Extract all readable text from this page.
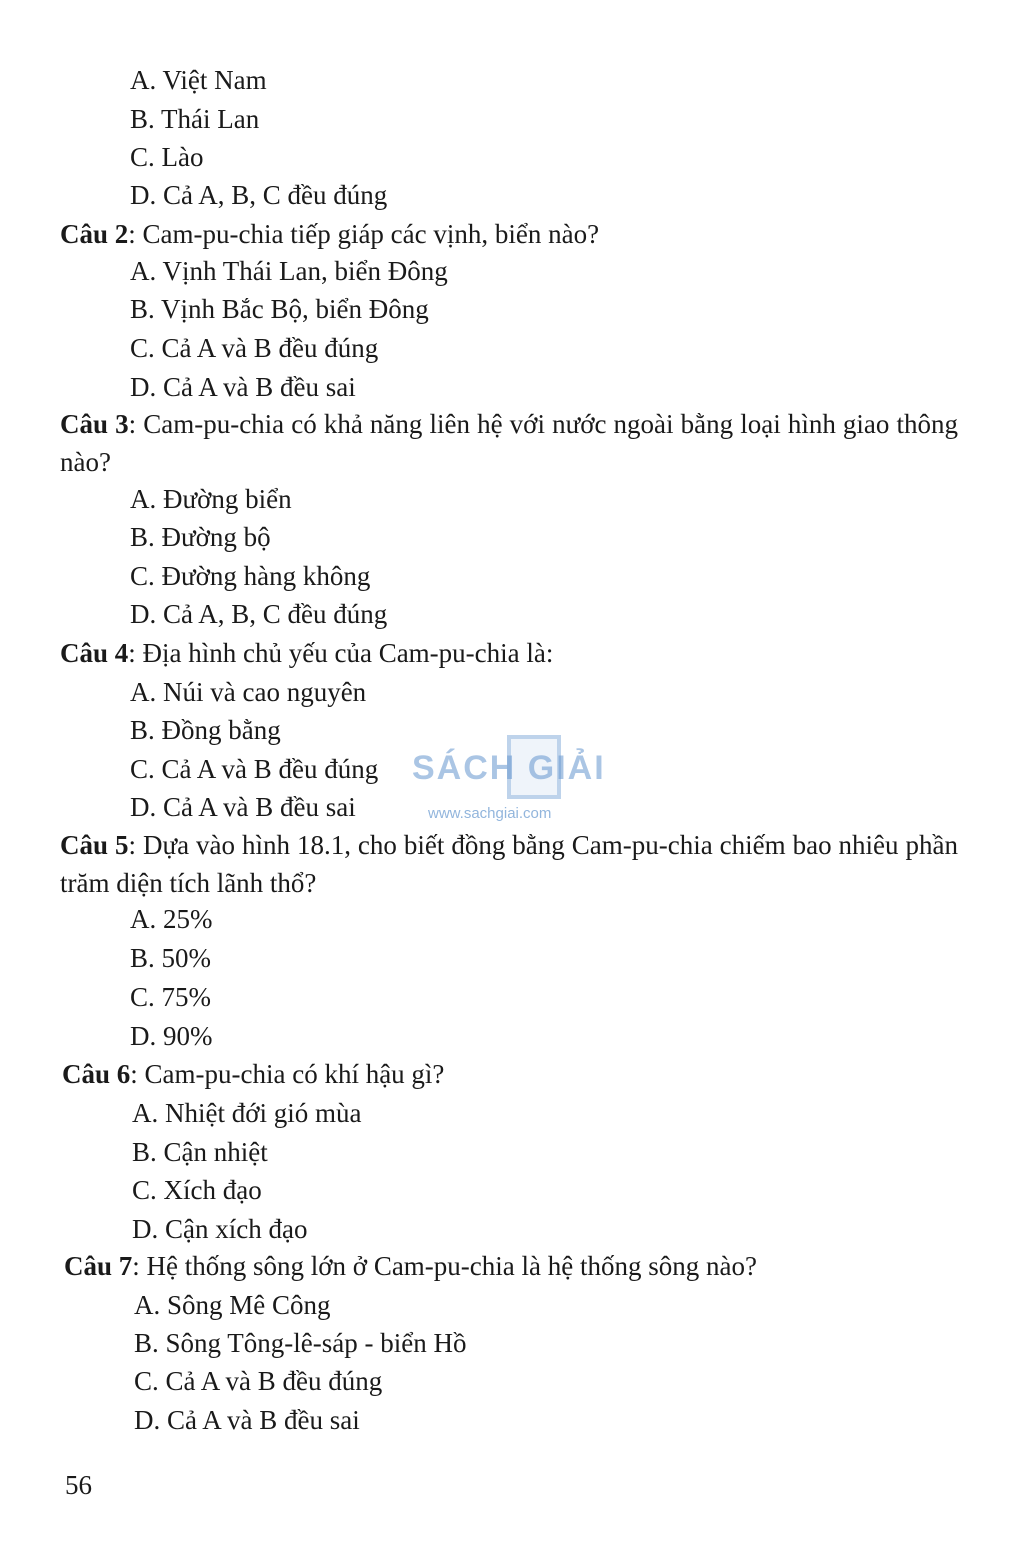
A. Việt Nam
B. Thái Lan
C. Lào
D. Cả A, B, C đều đúng
Câu 2: Cam-pu-chia tiếp giáp các vịnh, biển nào?
A. Vịnh Thái Lan, biển Đông
B. Vịnh Bắc Bộ, biển Đông
C. Cả A và B đều đúng
D. Cả A và B đều sai
Câu 3: Cam-pu-chia có khả năng liên hệ với nước ngoài bằng loại hình giao thông nào?
A. Đường biển
B. Đường bộ
C. Đường hàng không
D. Cả A, B, C đều đúng
Câu 4: Địa hình chủ yếu của Cam-pu-chia là:
A. Núi và cao nguyên
B. Đồng bằng
C. Cả A và B đều đúng
D. Cả A và B đều sai
SÁCH GIẢI
www.sachgiai.com
Câu 5: Dựa vào hình 18.1, cho biết đồng bằng Cam-pu-chia chiếm bao nhiêu phần trăm diện tích lãnh thổ?
A. 25%
B. 50%
C. 75%
D. 90%
Câu 6: Cam-pu-chia có khí hậu gì?
A. Nhiệt đới gió mùa
B. Cận nhiệt
C. Xích đạo
D. Cận xích đạo
Câu 7: Hệ thống sông lớn ở Cam-pu-chia là hệ thống sông nào?
A. Sông Mê Công
B. Sông Tông-lê-sáp - biển Hồ
C. Cả A và B đều đúng
D. Cả A và B đều sai
56
